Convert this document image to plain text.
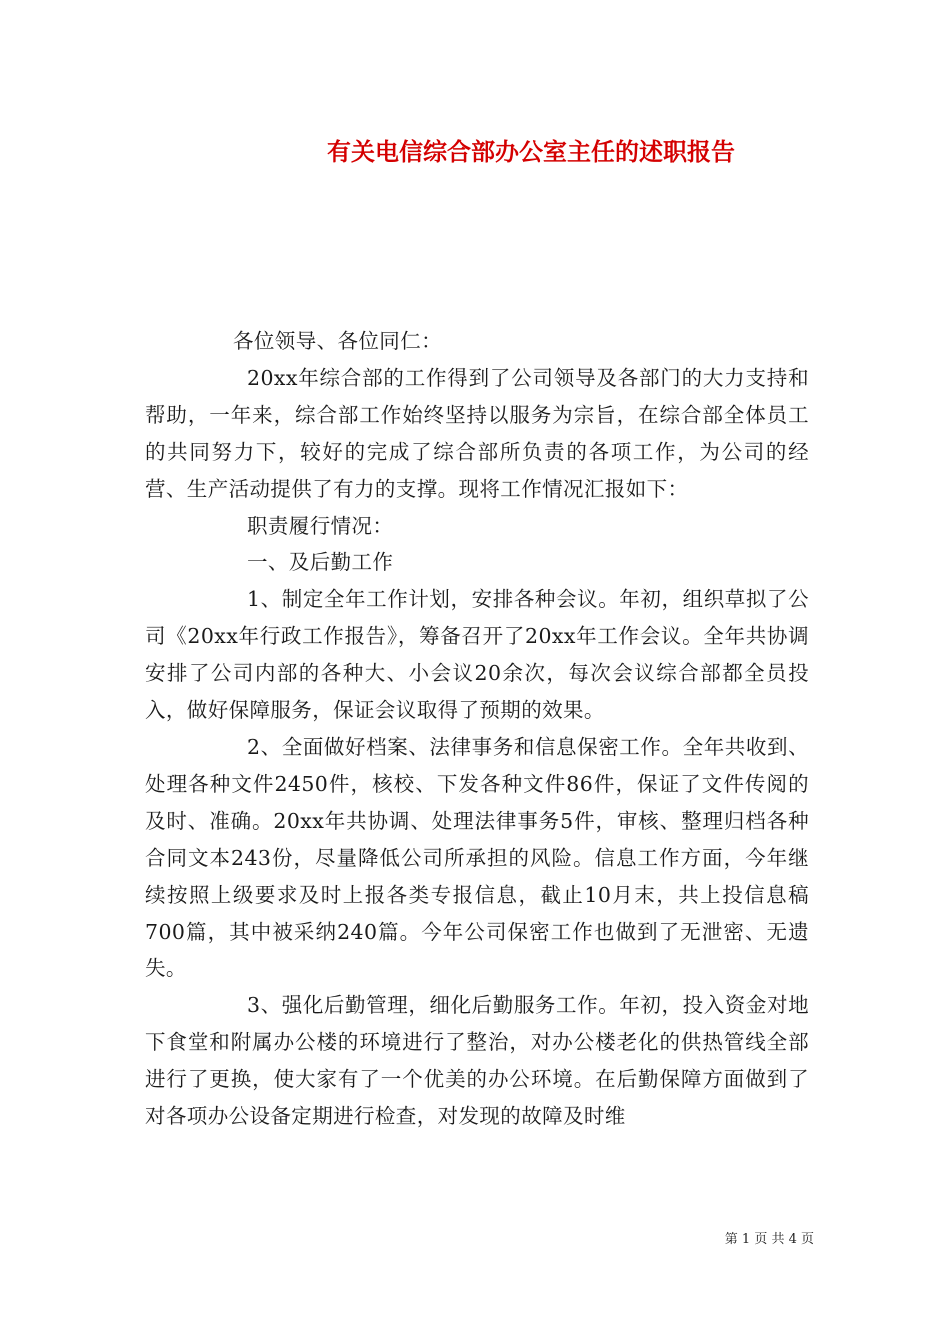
有关电信综合部办公室主任的述职报告

各位领导、各位同仁：

20xx年综合部的工作得到了公司领导及各部门的大力支持和帮助，一年来，综合部工作始终坚持以服务为宗旨，在综合部全体员工的共同努力下，较好的完成了综合部所负责的各项工作，为公司的经营、生产活动提供了有力的支撑。现将工作情况汇报如下：

职责履行情况：

一、及后勤工作

1、制定全年工作计划，安排各种会议。年初，组织草拟了公司《20xx年行政工作报告》，筹备召开了20xx年工作会议。全年共协调安排了公司内部的各种大、小会议20余次，每次会议综合部都全员投入，做好保障服务，保证会议取得了预期的效果。

2、全面做好档案、法律事务和信息保密工作。全年共收到、处理各种文件2450件，核校、下发各种文件86件，保证了文件传阅的及时、准确。20xx年共协调、处理法律事务5件，审核、整理归档各种合同文本243份，尽量降低公司所承担的风险。信息工作方面，今年继续按照上级要求及时上报各类专报信息，截止10月末，共上投信息稿700篇，其中被采纳240篇。今年公司保密工作也做到了无泄密、无遗失。

3、强化后勤管理，细化后勤服务工作。年初，投入资金对地下食堂和附属办公楼的环境进行了整治，对办公楼老化的供热管线全部进行了更换，使大家有了一个优美的办公环境。在后勤保障方面做到了对各项办公设备定期进行检查，对发现的故障及时维

第 1 页 共 4 页
